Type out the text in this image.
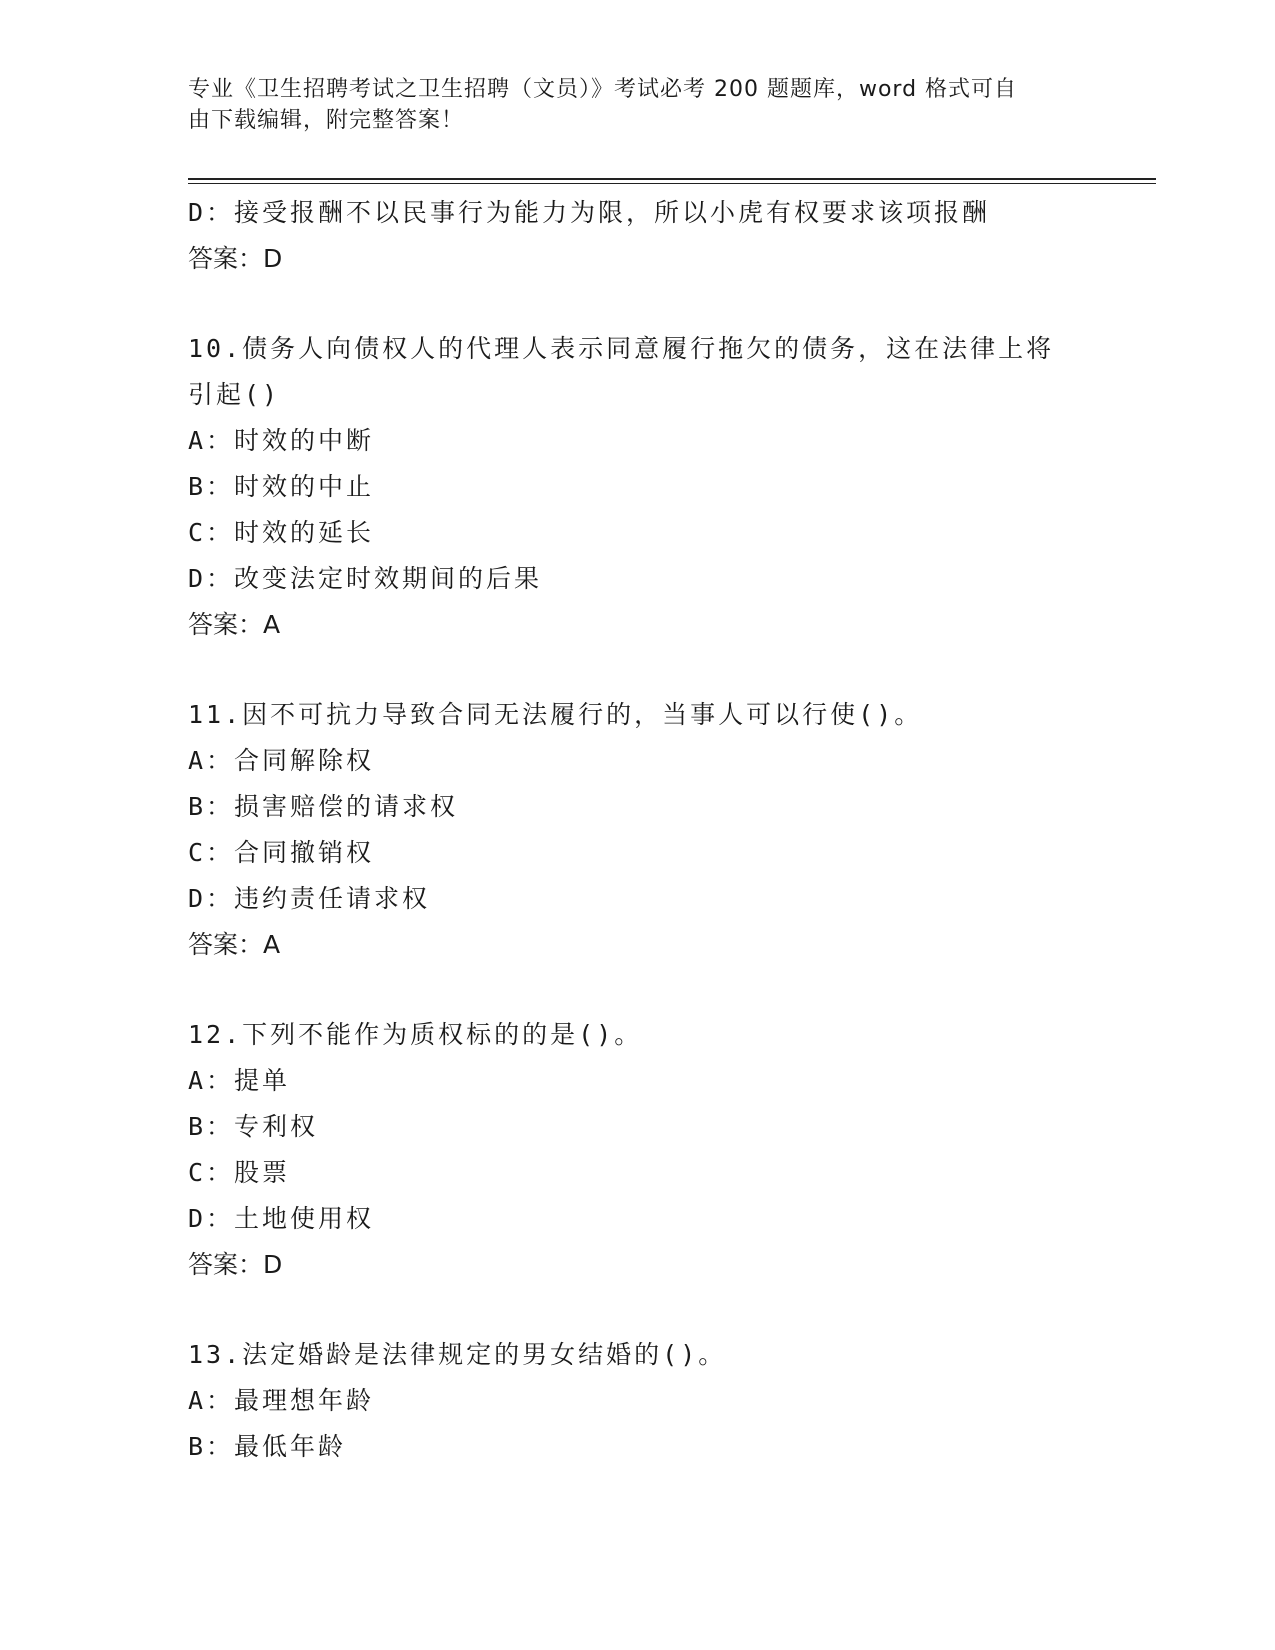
专业《卫生招聘考试之卫生招聘（文员）》考试必考 200 题题库，word 格式可自
由下载编辑，附完整答案！
D：接受报酬不以民事行为能力为限，所以小虎有权要求该项报酬
答案：D
10.债务人向债权人的代理人表示同意履行拖欠的债务，这在法律上将
引起()
A：时效的中断
B：时效的中止
C：时效的延长
D：改变法定时效期间的后果
答案：A
11.因不可抗力导致合同无法履行的，当事人可以行使()。
A：合同解除权
B：损害赔偿的请求权
C：合同撤销权
D：违约责任请求权
答案：A
12.下列不能作为质权标的的是()。
A：提单
B：专利权
C：股票
D：土地使用权
答案：D
13.法定婚龄是法律规定的男女结婚的()。
A：最理想年龄
B：最低年龄
